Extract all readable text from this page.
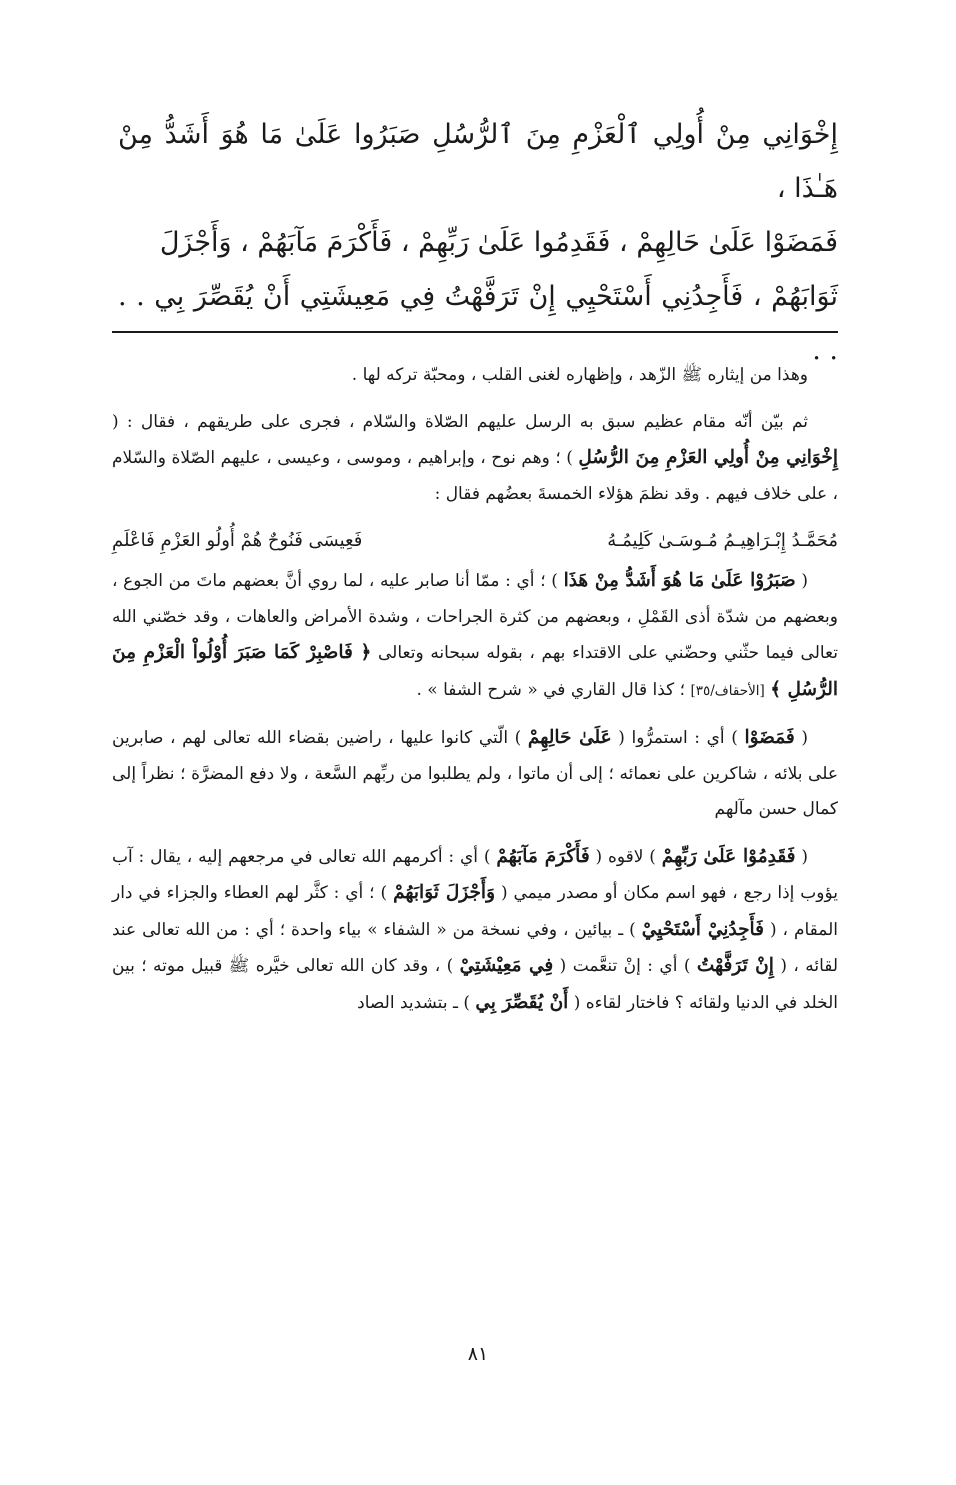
إِخْوَانِي مِنْ أُولِي ٱلْعَزْمِ مِنَ ٱلرُّسُلِ صَبَرُوا عَلَىٰ مَا هُوَ أَشَدُّ مِنْ هَـٰذَا ،

فَمَضَوْا عَلَىٰ حَالِهِمْ ، فَقَدِمُوا عَلَىٰ رَبِّهِمْ ، فَأَكْرَمَ مَآبَهُمْ ، وَأَجْزَلَ

ثَوَابَهُمْ ، فَأَجِدُنِي أَسْتَحْيِي إِنْ تَرَفَّهْتُ فِي مَعِيشَتِي أَنْ يُقَصِّرَ بِي . . . .

وهذا من إيثاره ﷺ الزّهد ، وإظهاره لغنى القلب ، ومحبّة تركه لها .

ثم بيّن أنّه مقام عظيم سبق به الرسل عليهم الصّلاة والسّلام ، فجرى على طريقهم ، فقال : ( إِخْوَانِي مِنْ أُولِي العَزْمِ مِنَ الرُّسُلِ ) ؛ وهم نوح ، وإبراهيم ، وموسى ، وعيسى ، عليهم الصّلاة والسّلام ، على خلاف فيهم . وقد نظمَ هؤلاء الخمسةَ بعضُهم فقال :

مُحَمَّـدُ إِبْـرَاهِيـمُ مُـوسَـىٰ كَلِيمُـهُ
فَعِيسَى فَنُوحٌ هُمْ أُولُو العَزْمِ فَاعْلَمِ

( صَبَرُوْا عَلَىٰ مَا هُوَ أَشَدُّ مِنْ هَذَا ) ؛ أي : ممّا أنا صابر عليه ، لما روي أنَّ بعضهم ماتَ من الجوع ، وبعضهم من شدّة أذى القَمْلِ ، وبعضهم من كثرة الجراحات ، وشدة الأمراض والعاهات ، وقد خصّني الله تعالى فيما حثّني وحضّني على الاقتداء بهم ، بقوله سبحانه وتعالى ﴿ فَاصْبِرْ كَمَا صَبَرَ أُوْلُواْ الْعَزْمِ مِنَ الرُّسُلِ ﴾ [الأحقاف/٣٥] ؛ كذا قال القاري في « شرح الشفا » .

( فَمَضَوْا ) أي : استمرُّوا ( عَلَىٰ حَالِهِمْ ) الّتي كانوا عليها ، راضين بقضاء الله تعالى لهم ، صابرين على بلائه ، شاكرين على نعمائه ؛ إلى أن ماتوا ، ولم يطلبوا من ربِّهم السَّعة ، ولا دفع المضرَّة ؛ نظراً إلى كمال حسن مآلهم

( فَقَدِمُوْا عَلَىٰ رَبِّهِمْ ) لاقوه ( فَأَكْرَمَ مَآبَهُمْ ) أي : أكرمهم الله تعالى في مرجعهم إليه ، يقال : آب يؤوب إذا رجع ، فهو اسم مكان أو مصدر ميمي ( وَأَجْزَلَ ثَوَابَهُمْ ) ؛ أي : كثَّر لهم العطاء والجزاء في دار المقام ، ( فَأَجِدُنِيْ أَسْتَحْيِيْ ) ـ بيائين ، وفي نسخة من « الشفاء » بياء واحدة ؛ أي : من الله تعالى عند لقائه ، ( إِنْ تَرَفَّهْتُ ) أي : إنْ تنعَّمت ( فِي مَعِيْشَتِيْ ) ، وقد كان الله تعالى خيَّره ﷺ قبيل موته ؛ بين الخلد في الدنيا ولقائه ؟ فاختار لقاءه ( أَنْ يُقَصِّرَ بِي ) ـ بتشديد الصاد

٨١
